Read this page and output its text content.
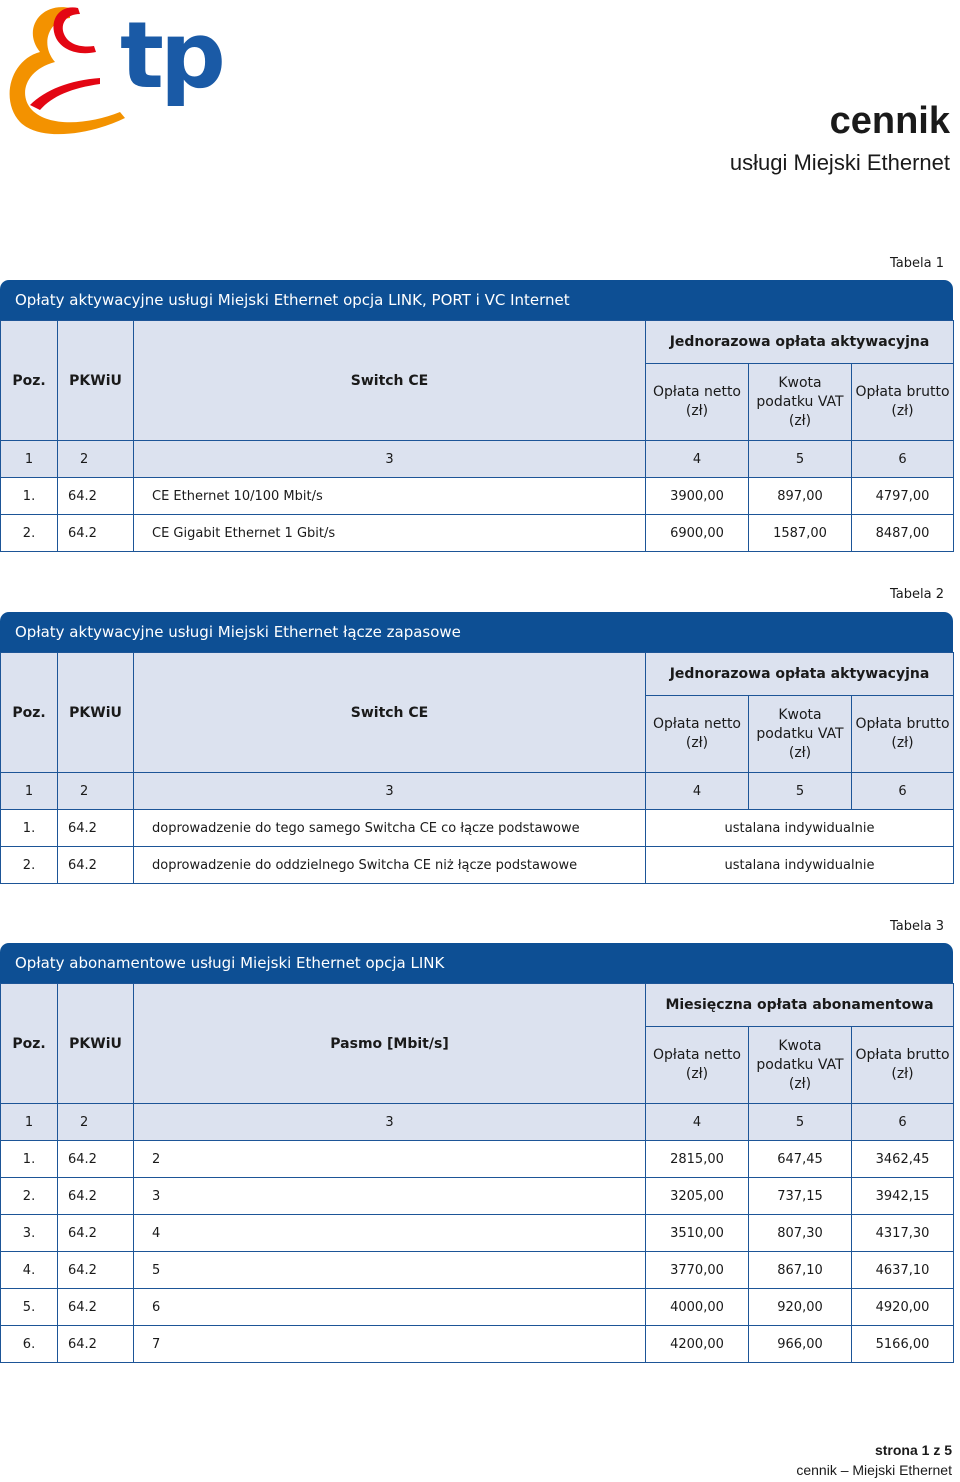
tp
cennik
usługi Miejski Ethernet
Tabela 1
Opłaty aktywacyjne usługi Miejski Ethernet opcja LINK, PORT i VC Internet
Poz.	PKWiU	Switch CE	Jednorazowa opłata aktywacyjna		
			Opłata netto (zł)	Kwota podatku VAT (zł)	Opłata brutto (zł)
1	2	3	4	5	6
1.	64.2	CE Ethernet 10/100 Mbit/s	3900,00	897,00	4797,00
2.	64.2	CE Gigabit Ethernet 1 Gbit/s	6900,00	1587,00	8487,00
Tabela 2
Opłaty aktywacyjne usługi Miejski Ethernet łącze zapasowe
Poz.	PKWiU	Switch CE	Jednorazowa opłata aktywacyjna		
			Opłata netto (zł)	Kwota podatku VAT (zł)	Opłata brutto (zł)
1	2	3	4	5	6
1.	64.2	doprowadzenie do tego samego Switcha CE co łącze podstawowe	ustalana indywidualnie		
2.	64.2	doprowadzenie do oddzielnego Switcha CE niż łącze podstawowe	ustalana indywidualnie		
Tabela 3
Opłaty abonamentowe usługi Miejski Ethernet opcja LINK
Poz.	PKWiU	Pasmo [Mbit/s]	Miesięczna opłata abonamentowa		
			Opłata netto (zł)	Kwota podatku VAT (zł)	Opłata brutto (zł)
1	2	3	4	5	6
1.	64.2	2	2815,00	647,45	3462,45
2.	64.2	3	3205,00	737,15	3942,15
3.	64.2	4	3510,00	807,30	4317,30
4.	64.2	5	3770,00	867,10	4637,10
5.	64.2	6	4000,00	920,00	4920,00
6.	64.2	7	4200,00	966,00	5166,00
strona 1 z 5
cennik – Miejski Ethernet
